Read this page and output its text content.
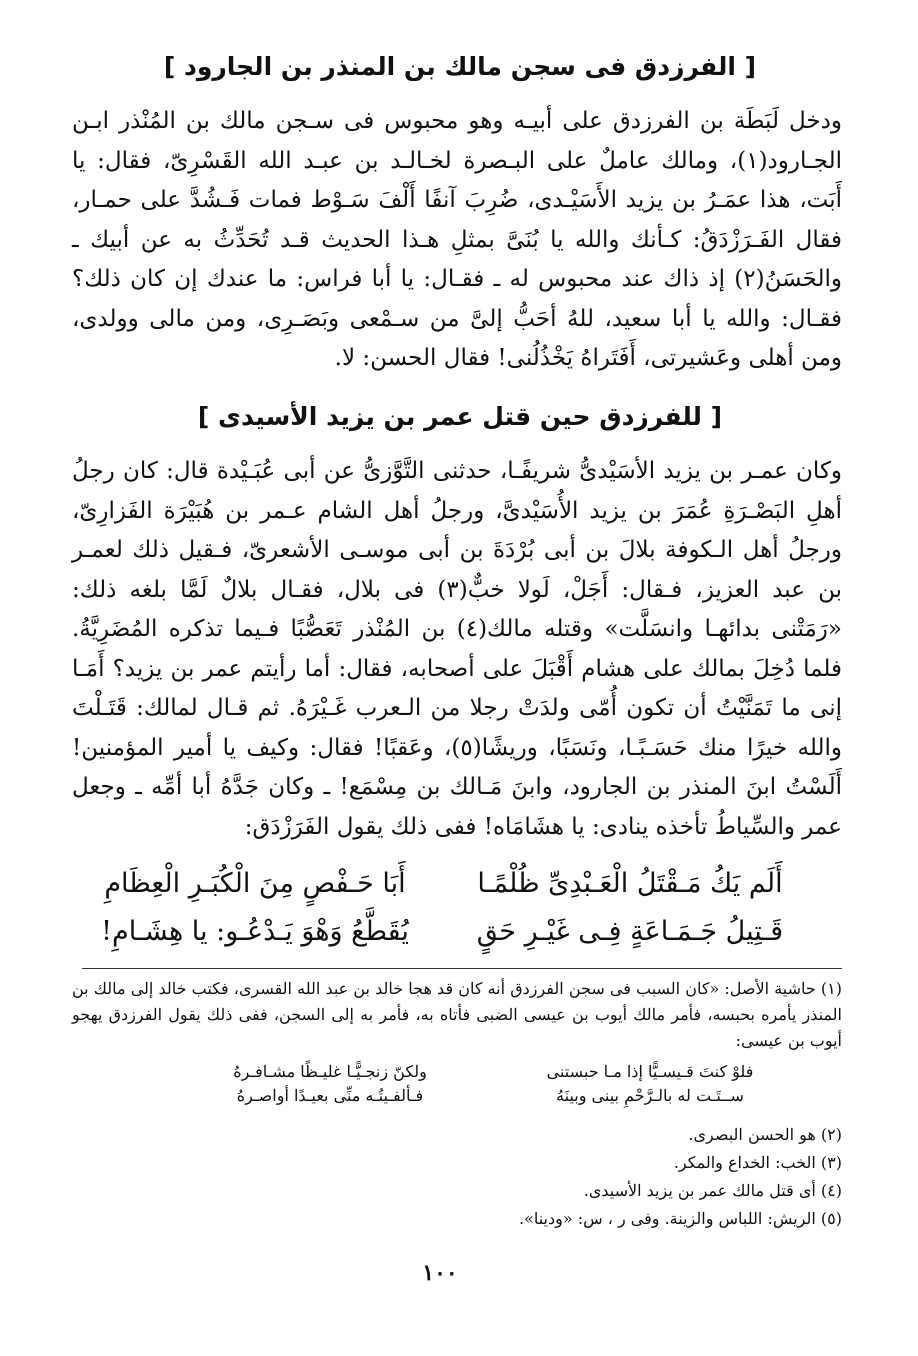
[ الفرزدق فى سجن مالك بن المنذر بن الجارود ]
ودخل لَبَطَة بن الفرزدق على أبيـه وهو محبوس فى سـجن مالك بن المُنْذر ابـن الجـارود(١)، ومالك عاملٌ على البـصرة لخـالـد بن عبـد الله القَسْرِىّ، فقال: يا أَبَت، هذا عمَـرُ بن يزيد الأَسَيْـدى، ضُرِبَ آنفًا أَلْفَ سَـوْط فمات فَـشُدَّ على حمـار، فقال الفَـرَزْدَقُ: كـأنك والله يا بُنَىَّ بمثلِ هـذا الحديث قـد تُحَدِّثُ به عن أبيك ـ والحَسَنُ(٢) إذ ذاك عند محبوس له ـ فقـال: يا أبا فراس: ما عندك إن كان ذلك؟ فقـال: والله يا أبا سعيد، للهُ أحَبُّ إلىَّ من سـمْعى وبَصَـرِى، ومن مالى وولدى، ومن أهلى وعَشيرتى، أَفَتَراهُ يَخْذُلُنى! فقال الحسن: لا.
[ للفرزدق حين قتل عمر بن يزيد الأسيدى ]
وكان عمـر بن يزيد الأسَيْدىُّ شريفًـا، حدثنى التَّوَّزىُّ عن أبى عُبَـيْدة قال: كان رجلُ أهلِ البَصْـرَةِ عُمَرَ بن يزيد الأُسَيْدىَّ، ورجلُ أهل الشام عـمر بن هُبَيْرَة الفَزارِىّ، ورجلُ أهل الـكوفة بلالَ بن أبى بُرْدَةَ بن أبى موسـى الأشعرىّ، فـقيل ذلك لعمـر بن عبد العزيز، فـقال: أَجَلْ، لَولا خبٌّ(٣) فى بلال، فقـال بلالٌ لَمَّا بلغه ذلك: «رَمَتْنى بدائهـا وانسَلَّت» وقتله مالك(٤) بن المُنْذر تَعَصُّبًا فـيما تذكره المُضَرِيَّةُ. فلما دُخِلَ بمالك على هشام أَقْبَلَ على أصحابه، فقال: أما رأيتم عمر بن يزيد؟ أَمَـا إنى ما تَمَنَّيْتُ أن تكون أُمّى ولدَتْ رجلا من الـعرب غَـيْرَهُ. ثم قـال لمالك: قَتَـلْتَ والله خيرًا منك حَسَـبًـا، ونَسَبًا، وريشًا(٥)، وعَقبًا! فقال: وكيف يا أمير المؤمنين! أَلَسْتُ ابنَ المنذر بن الجارود، وابنَ مَـالك بن مِسْمَع! ـ وكان جَدَّهُ أبا أمِّه ـ وجعل عمر والسِّياطُ تأخذه ينادى: يا هشَامَاه! ففى ذلك يقول الفَرَزْدَق:
أَلَم يَكُ مَـقْتَلُ الْعَـبْدِىِّ ظُلْمًـا
أَبَا حَـفْصٍ مِنَ الْكُبَـرِ الْعِظَامِ
قَـتِيلُ جَـمَـاعَةٍ فِـى غَيْـرِ حَقٍ
يُقَطَّعُ وَهْوَ يَـدْعُـو: يا هِشَـامِ!
(١) حاشية الأصل: «كان السبب فى سجن الفرزدق أنه كان قد هجا خالد بن عبد الله القسرى، فكتب خالد إلى مالك بن المنذر يأمره بحبسه، فأمر مالك أيوب بن عيسى الضبى فأتاه به، فأمر به إلى السجن، ففى ذلك يقول الفرزدق يهجو أيوب بن عيسى:
فلوْ كنتَ قـيسـيًّا إذا مـا حبستنى
ولكنّ زنجـيًّـا غليـظًا مشـافـرهُ
ســتَـت له بالـرَّحْمِ بينى وبينَهُ
فـألفـيتُـه منِّى بعيـدًا أواصـرهُ
(٢) هو الحسن البصرى.
(٣) الخب: الخداع والمكر.
(٤) أى قتل مالك عمر بن يزيد الأسيدى.
(٥) الريش: اللباس والزينة. وفى ر ، س: «ودينا».
١٠٠
